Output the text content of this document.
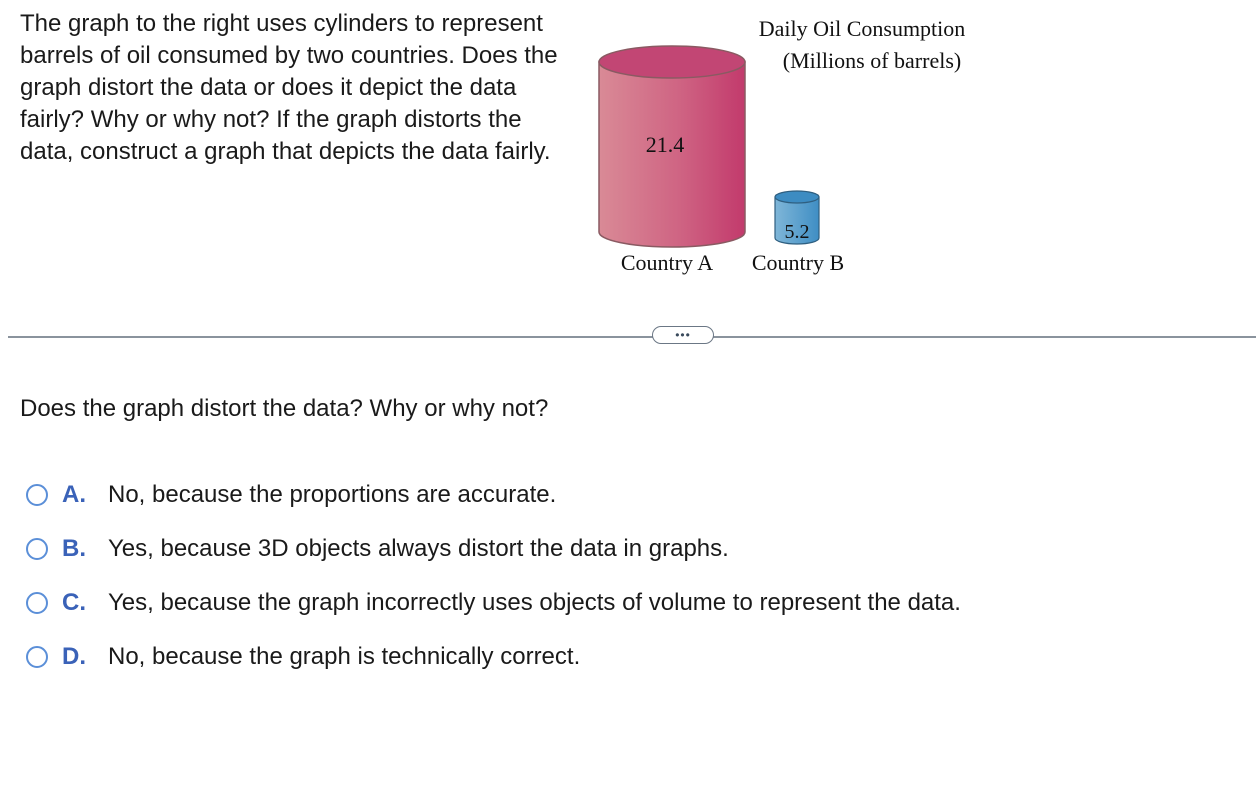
The graph to the right uses cylinders to represent barrels of oil consumed by two countries. Does the graph distort the data or does it depict the data fairly? Why or why not? If the graph distorts the data, construct a graph that depicts the data fairly.

Daily Oil Consumption
(Millions of barrels)
21.4
5.2
Country A Country B
•••

Does the graph distort the data? Why or why not?

A. No, because the proportions are accurate.
B. Yes, because 3D objects always distort the data in graphs.
C. Yes, because the graph incorrectly uses objects of volume to represent the data.
D. No, because the graph is technically correct.
